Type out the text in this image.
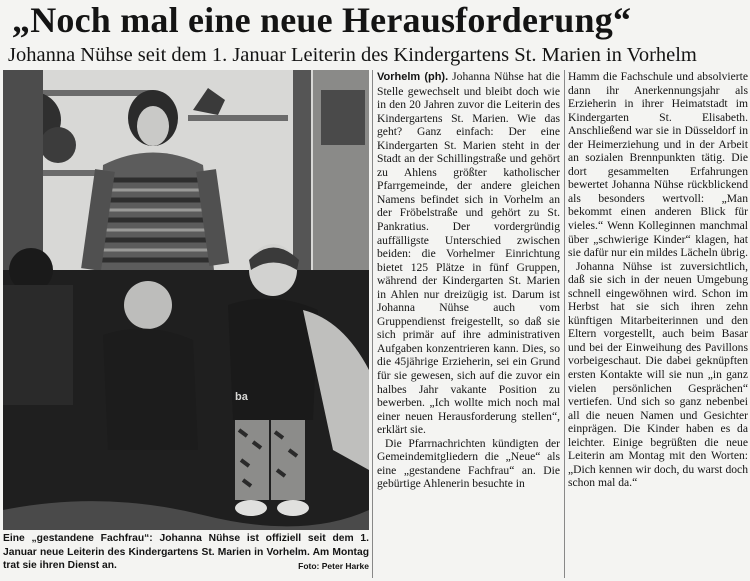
„Noch mal eine neue Herausforderung“
Johanna Nühse seit dem 1. Januar Leiterin des Kindergartens St. Marien in Vorhelm
ba
Eine „gestandene Fachfrau“: Johanna Nühse ist offiziell seit dem 1. Januar neue Leiterin des Kindergartens St. Marien in Vorhelm. Am Montag trat sie ihren Dienst an.	Foto: Peter Harke

Vorhelm (ph). Johanna Nühse hat die Stelle gewechselt und bleibt doch wie in den 20 Jahren zuvor die Leiterin des Kindergartens St. Marien. Wie das geht? Ganz einfach: Der eine Kindergarten St. Marien steht in der Stadt an der Schillingstraße und gehört zu Ahlens größter katholischer Pfarrgemeinde, der andere gleichen Namens befindet sich in Vorhelm an der Fröbelstraße und gehört zu St. Pankratius. Der vordergründig auffälligste Unterschied zwischen beiden: die Vorhelmer Einrichtung bietet 125 Plätze in fünf Gruppen, während der Kindergarten St. Marien in Ahlen nur dreizügig ist. Darum ist Johanna Nühse auch vom Gruppendienst freigestellt, so daß sie sich primär auf ihre administrativen Aufgaben konzentrieren kann. Dies, so die 45jährige Erzieherin, sei ein Grund für sie gewesen, sich auf die zuvor ein halbes Jahr vakante Position zu bewerben. „Ich wollte mich noch mal einer neuen Herausforderung stellen“, erklärt sie.

Die Pfarrnachrichten kündigten der Gemeindemitgliedern die „Neue“ als eine „gestandene Fachfrau“ an. Die gebürtige Ahlenerin besuchte in

Hamm die Fachschule und absolvierte dann ihr Anerkennungsjahr als Erzieherin in ihrer Heimatstadt im Kindergarten St. Elisabeth. Anschließend war sie in Düsseldorf in der Heimerziehung und in der Arbeit an sozialen Brennpunkten tätig. Die dort gesammelten Erfahrungen bewertet Johanna Nühse rückblickend als besonders wertvoll: „Man bekommt einen anderen Blick für vieles.“ Wenn Kolleginnen manchmal über „schwierige Kinder“ klagen, hat sie dafür nur ein mildes Lächeln übrig.

Johanna Nühse ist zuversichtlich, daß sie sich in der neuen Umgebung schnell eingewöhnen wird. Schon im Herbst hat sie sich ihren zehn künftigen Mitarbeiterinnen und den Eltern vorgestellt, auch beim Basar und bei der Einweihung des Pavillons vorbeigeschaut. Die dabei geknüpften ersten Kontakte will sie nun „in ganz vielen persönlichen Gesprächen“ vertiefen. Und sich so ganz nebenbei all die neuen Namen und Gesichter einprägen. Die Kinder haben es da leichter. Einige begrüßten die neue Leiterin am Montag mit den Worten: „Dich kennen wir doch, du warst doch schon mal da.“
